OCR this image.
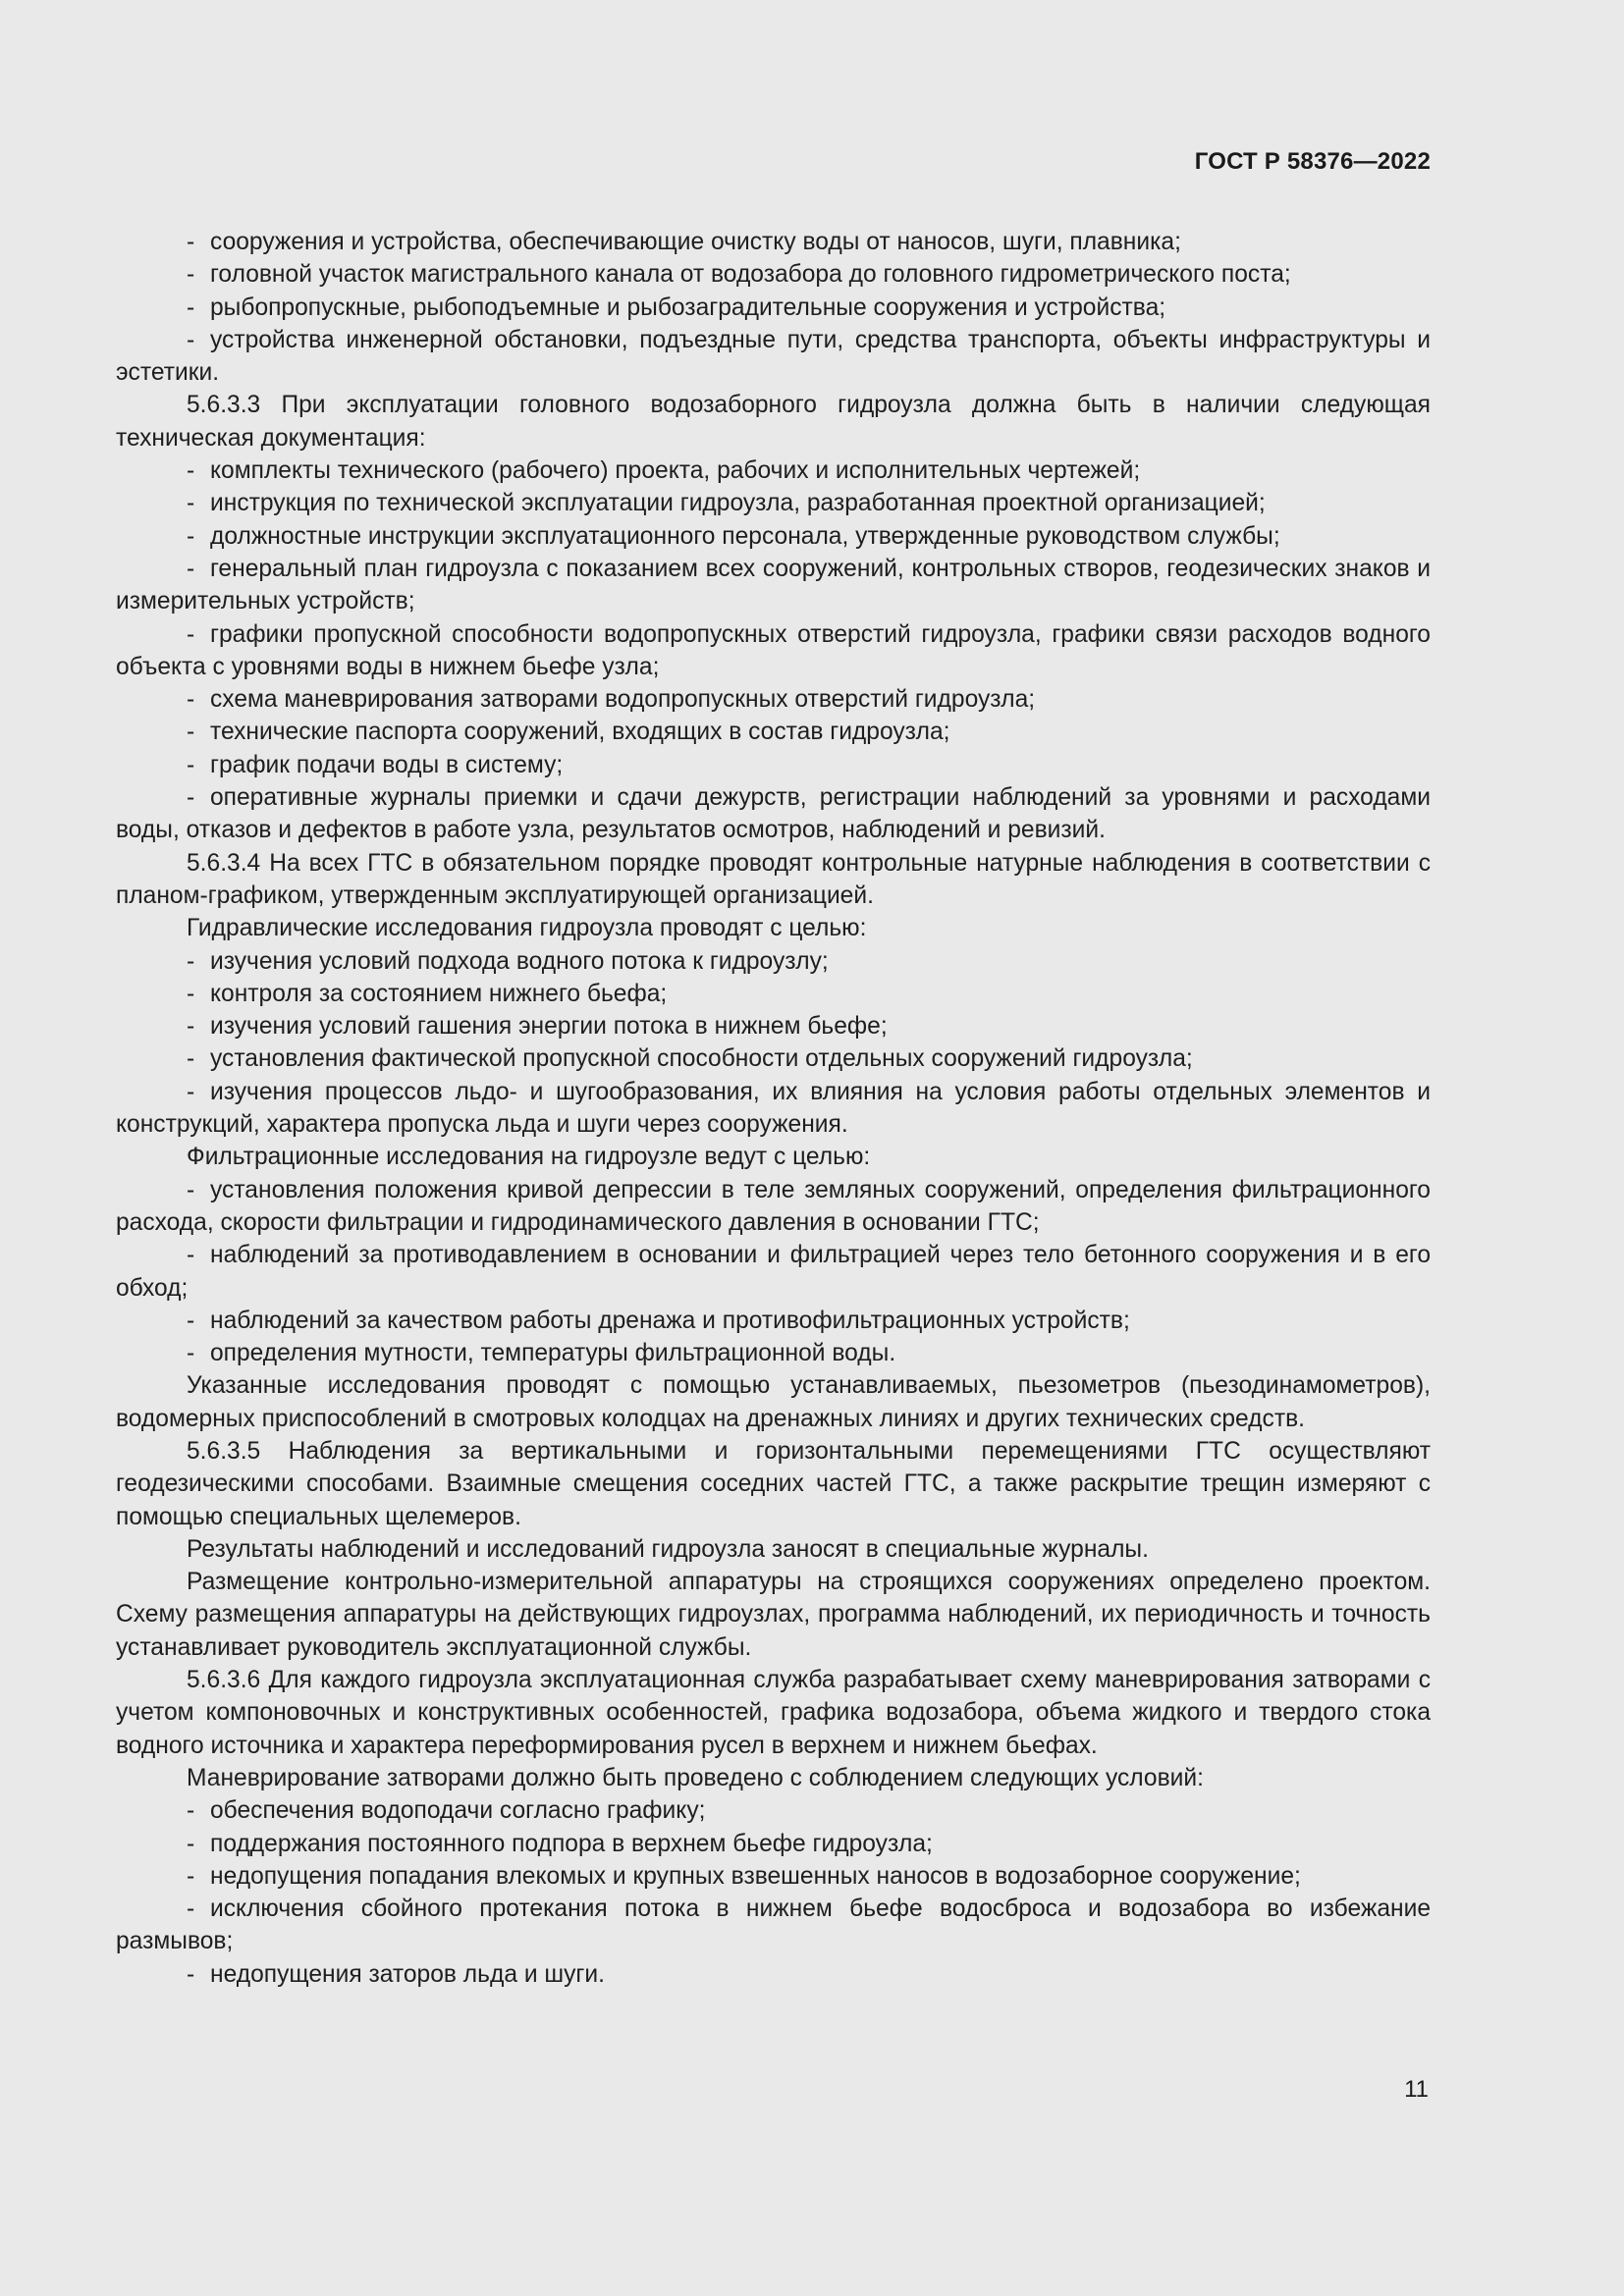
ГОСТ Р 58376—2022

- сооружения и устройства, обеспечивающие очистку воды от наносов, шуги, плавника;

- головной участок магистрального канала от водозабора до головного гидрометрического поста;

- рыбопропускные, рыбоподъемные и рыбозаградительные сооружения и устройства;

- устройства инженерной обстановки, подъездные пути, средства транспорта, объекты инфраструктуры и эстетики.

5.6.3.3 При эксплуатации головного водозаборного гидроузла должна быть в наличии следующая техническая документация:

- комплекты технического (рабочего) проекта, рабочих и исполнительных чертежей;

- инструкция по технической эксплуатации гидроузла, разработанная проектной организацией;

- должностные инструкции эксплуатационного персонала, утвержденные руководством службы;

- генеральный план гидроузла с показанием всех сооружений, контрольных створов, геодезических знаков и измерительных устройств;

- графики пропускной способности водопропускных отверстий гидроузла, графики связи расходов водного объекта с уровнями воды в нижнем бьефе узла;

- схема маневрирования затворами водопропускных отверстий гидроузла;

- технические паспорта сооружений, входящих в состав гидроузла;

- график подачи воды в систему;

- оперативные журналы приемки и сдачи дежурств, регистрации наблюдений за уровнями и расходами воды, отказов и дефектов в работе узла, результатов осмотров, наблюдений и ревизий.

5.6.3.4 На всех ГТС в обязательном порядке проводят контрольные натурные наблюдения в соответствии с планом-графиком, утвержденным эксплуатирующей организацией.

Гидравлические исследования гидроузла проводят с целью:

- изучения условий подхода водного потока к гидроузлу;

- контроля за состоянием нижнего бьефа;

- изучения условий гашения энергии потока в нижнем бьефе;

- установления фактической пропускной способности отдельных сооружений гидроузла;

- изучения процессов льдо- и шугообразования, их влияния на условия работы отдельных элементов и конструкций, характера пропуска льда и шуги через сооружения.

Фильтрационные исследования на гидроузле ведут с целью:

- установления положения кривой депрессии в теле земляных сооружений, определения фильтрационного расхода, скорости фильтрации и гидродинамического давления в основании ГТС;

- наблюдений за противодавлением в основании и фильтрацией через тело бетонного сооружения и в его обход;

- наблюдений за качеством работы дренажа и противофильтрационных устройств;

- определения мутности, температуры фильтрационной воды.

Указанные исследования проводят с помощью устанавливаемых, пьезометров (пьезодинамометров), водомерных приспособлений в смотровых колодцах на дренажных линиях и других технических средств.

5.6.3.5 Наблюдения за вертикальными и горизонтальными перемещениями ГТС осуществляют геодезическими способами. Взаимные смещения соседних частей ГТС, а также раскрытие трещин измеряют с помощью специальных щелемеров.

Результаты наблюдений и исследований гидроузла заносят в специальные журналы.

Размещение контрольно-измерительной аппаратуры на строящихся сооружениях определено проектом. Схему размещения аппаратуры на действующих гидроузлах, программа наблюдений, их периодичность и точность устанавливает руководитель эксплуатационной службы.

5.6.3.6 Для каждого гидроузла эксплуатационная служба разрабатывает схему маневрирования затворами с учетом компоновочных и конструктивных особенностей, графика водозабора, объема жидкого и твердого стока водного источника и характера переформирования русел в верхнем и нижнем бьефах.

Маневрирование затворами должно быть проведено с соблюдением следующих условий:

- обеспечения водоподачи согласно графику;

- поддержания постоянного подпора в верхнем бьефе гидроузла;

- недопущения попадания влекомых и крупных взвешенных наносов в водозаборное сооружение;

- исключения сбойного протекания потока в нижнем бьефе водосброса и водозабора во избежание размывов;

- недопущения заторов льда и шуги.

11
